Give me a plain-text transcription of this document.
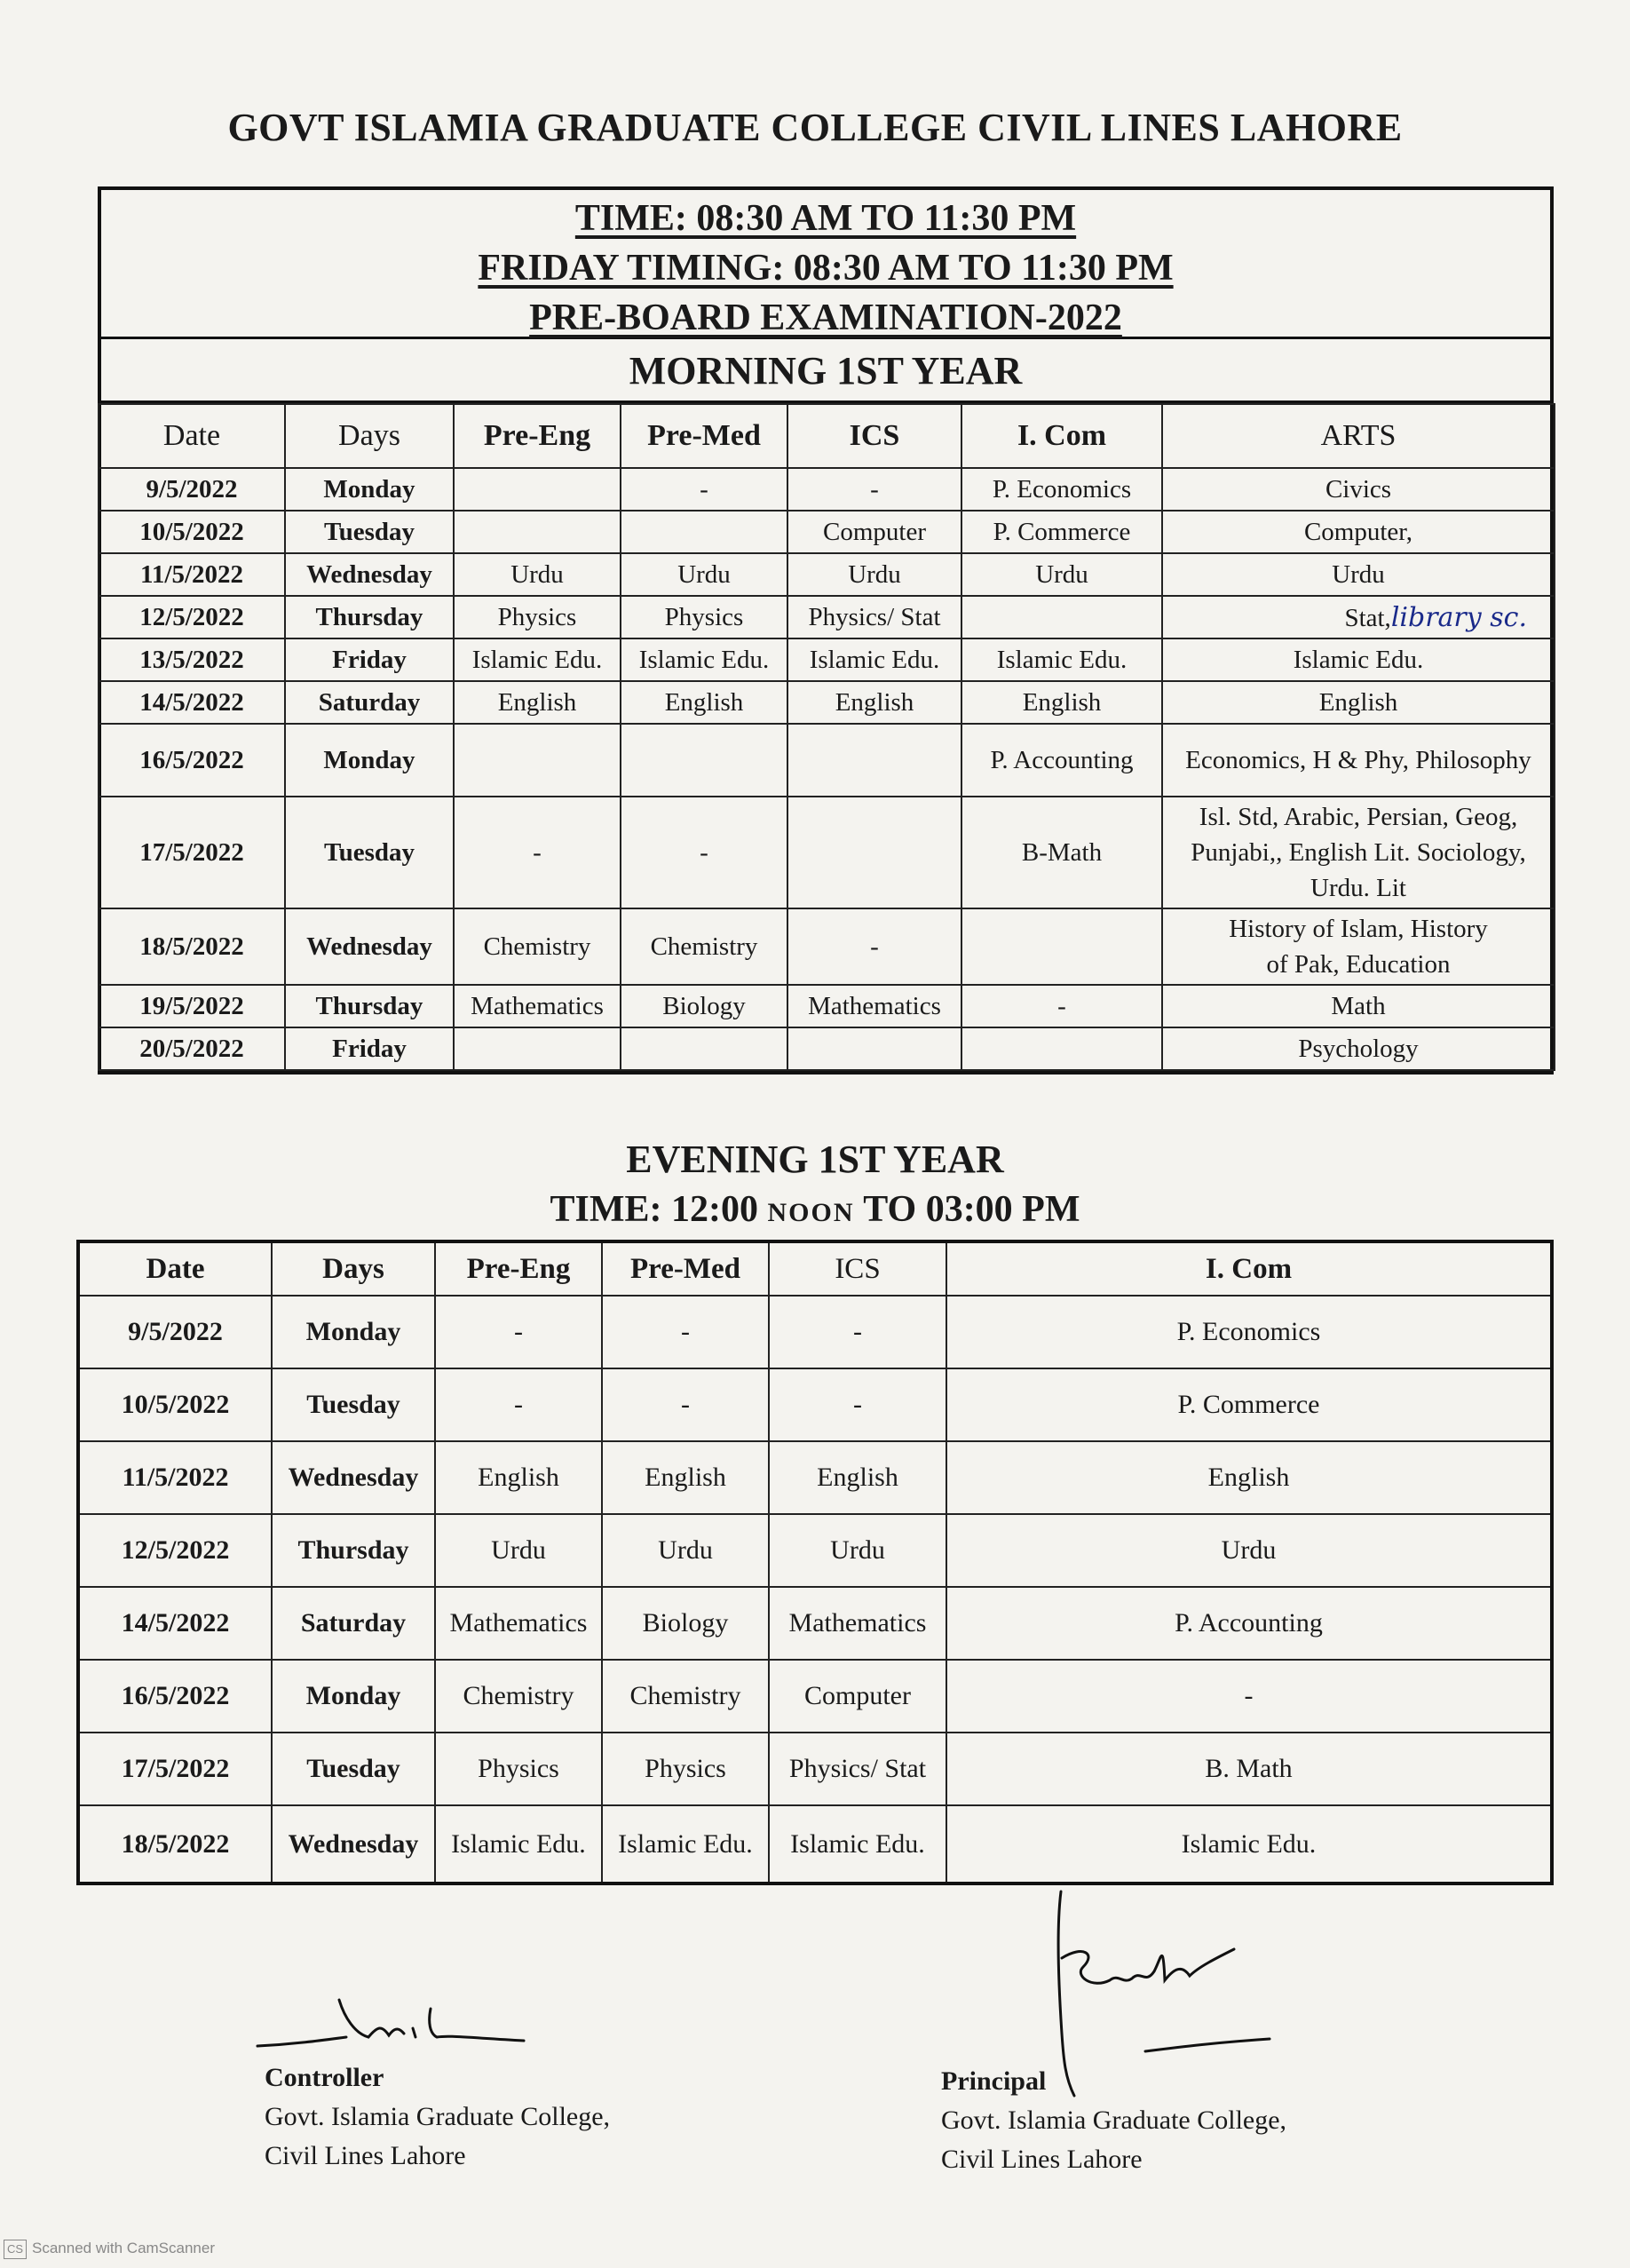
GOVT ISLAMIA GRADUATE COLLEGE CIVIL LINES LAHORE

TIME: 08:30 AM TO 11:30 PM

FRIDAY TIMING: 08:30 AM TO 11:30 PM

PRE-BOARD EXAMINATION-2022

MORNING 1ST YEAR
Date	Days	Pre-Eng	Pre-Med	ICS	I. Com	ARTS
9/5/2022	Monday		-	-	P. Economics	Civics
10/5/2022	Tuesday			Computer	P. Commerce	Computer,
11/5/2022	Wednesday	Urdu	Urdu	Urdu	Urdu	Urdu
12/5/2022	Thursday	Physics	Physics	Physics/ Stat		Stat,library sc.
13/5/2022	Friday	Islamic Edu.	Islamic Edu.	Islamic Edu.	Islamic Edu.	Islamic Edu.
14/5/2022	Saturday	English	English	English	English	English
16/5/2022	Monday				P. Accounting	Economics, H & Phy, Philosophy
17/5/2022	Tuesday	-	-		B-Math	Isl. Std, Arabic, Persian, Geog, Punjabi,, English Lit. Sociology, Urdu. Lit
18/5/2022	Wednesday	Chemistry	Chemistry	-		History of Islam, History of Pak, Education
19/5/2022	Thursday	Mathematics	Biology	Mathematics	-	Math
20/5/2022	Friday					Psychology
EVENING 1ST YEAR
TIME: 12:00 NOON TO 03:00 PM
Date	Days	Pre-Eng	Pre-Med	ICS	I. Com
9/5/2022	Monday	-	-	-	P. Economics
10/5/2022	Tuesday	-	-	-	P. Commerce
11/5/2022	Wednesday	English	English	English	English
12/5/2022	Thursday	Urdu	Urdu	Urdu	Urdu
14/5/2022	Saturday	Mathematics	Biology	Mathematics	P. Accounting
16/5/2022	Monday	Chemistry	Chemistry	Computer	-
17/5/2022	Tuesday	Physics	Physics	Physics/ Stat	B. Math
18/5/2022	Wednesday	Islamic Edu.	Islamic Edu.	Islamic Edu.	Islamic Edu.
Controller
Govt. Islamia Graduate College,
Civil Lines Lahore
Principal
Govt. Islamia Graduate College,
Civil Lines Lahore
CS Scanned with CamScanner
